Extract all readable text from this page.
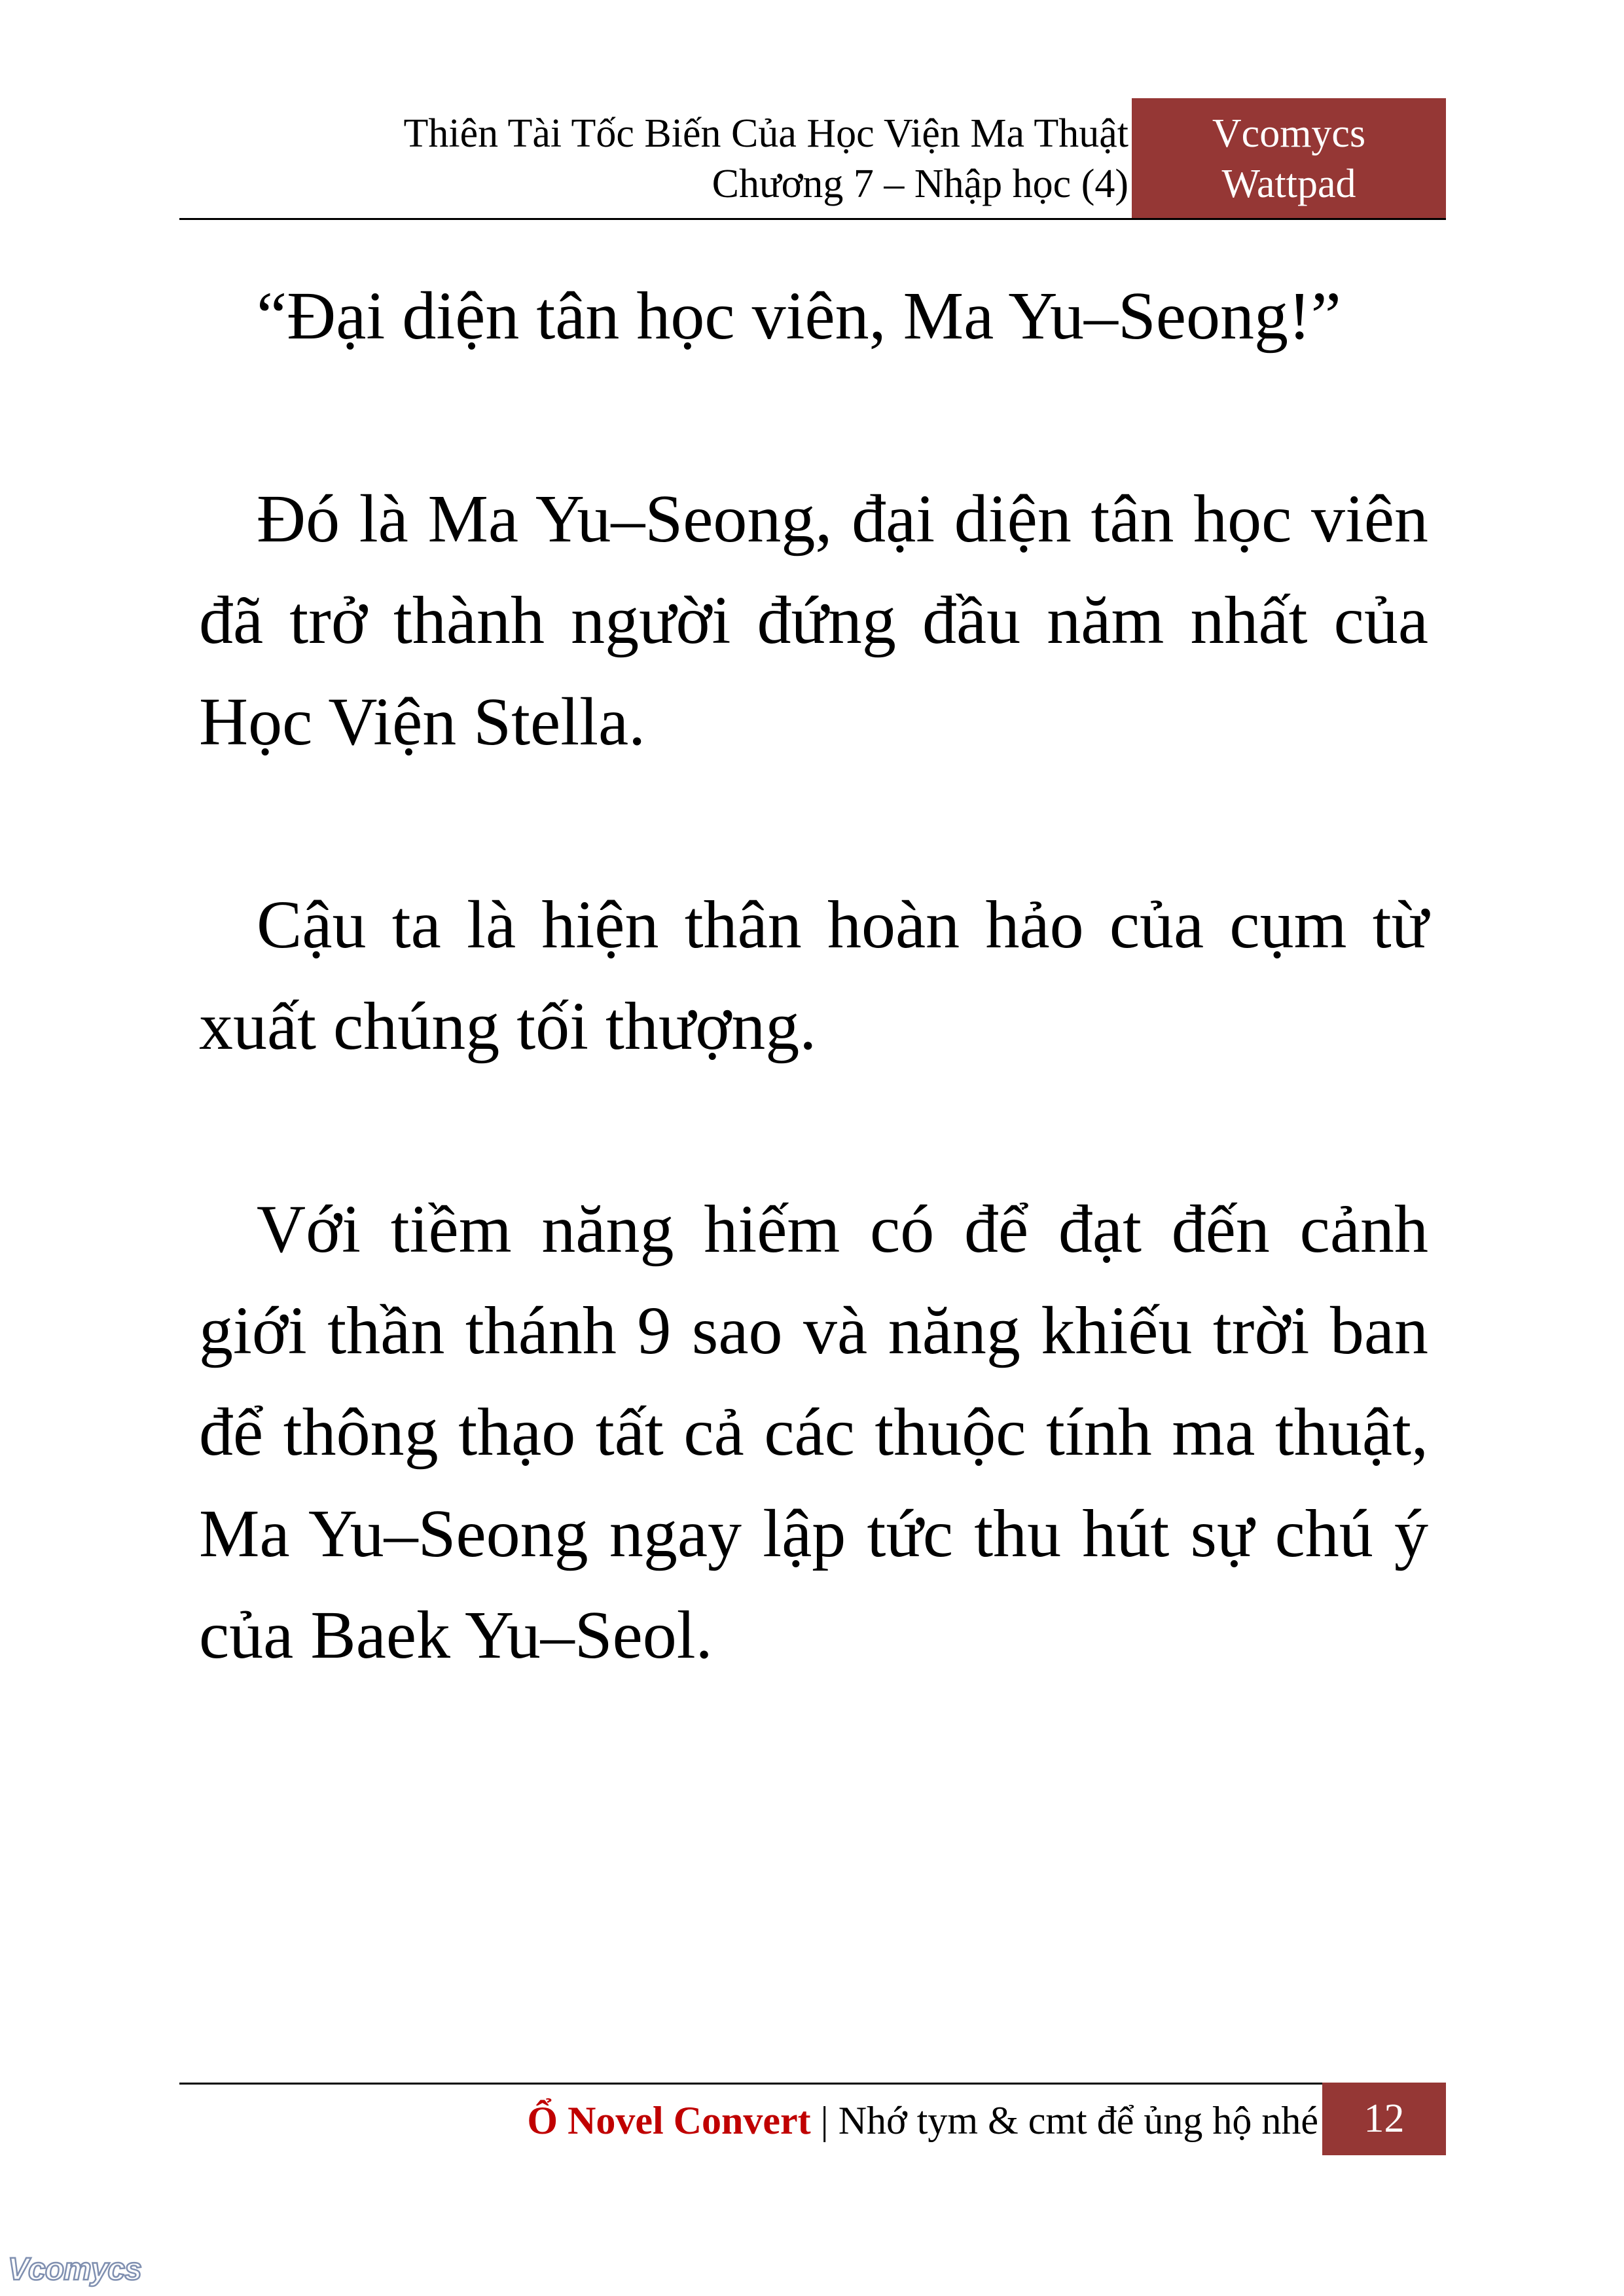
Thiên Tài Tốc Biến Của Học Viện Ma Thuật
Chương 7 – Nhập học (4)
Vcomycs
Wattpad

“Đại diện tân học viên, Ma Yu–Seong!”

Đó là Ma Yu–Seong, đại diện tân học viên đã trở thành người đứng đầu năm nhất của Học Viện Stella.

Cậu ta là hiện thân hoàn hảo của cụm từ xuất chúng tối thượng.

Với tiềm năng hiếm có để đạt đến cảnh giới thần thánh 9 sao và năng khiếu trời ban để thông thạo tất cả các thuộc tính ma thuật, Ma Yu–Seong ngay lập tức thu hút sự chú ý của Baek Yu–Seol.

Ổ Novel Convert | Nhớ tym & cmt để ủng hộ nhé	12
Vcomycs
